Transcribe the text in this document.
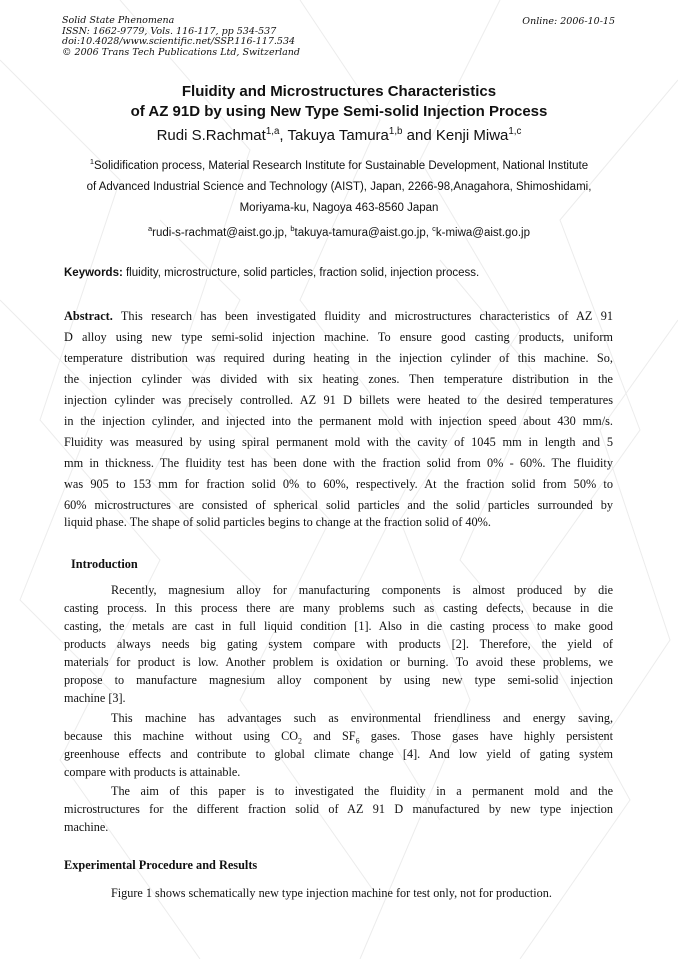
Solid State Phenomena
ISSN: 1662-9779, Vols. 116-117, pp 534-537
doi:10.4028/www.scientific.net/SSP.116-117.534
© 2006 Trans Tech Publications Ltd, Switzerland
Online: 2006-10-15
Fluidity and Microstructures Characteristics
of AZ 91D by using New Type Semi-solid Injection Process
Rudi S.Rachmat$^{1,a}$, Takuya Tamura$^{1,b}$ and Kenji Miwa$^{1,c}$
$^1$Solidification process, Material Research Institute for Sustainable Development, National Institute
of Advanced Industrial Science and Technology (AIST), Japan, 2266-98,Anagahora, Shimoshidami,
Moriyama-ku, Nagoya 463-8560 Japan
$^a$rudi-s-rachmat@aist.go.jp, $^b$takuya-tamura@aist.go.jp, $^c$k-miwa@aist.go.jp
Keywords: fluidity, microstructure, solid particles, fraction solid, injection process.
Abstract. This research has been investigated fluidity and microstructures characteristics of AZ 91
D alloy using new type semi-solid injection machine. To ensure good casting products, uniform
temperature distribution was required during heating in the injection cylinder of this machine. So,
the injection cylinder was divided with six heating zones. Then temperature distribution in the
injection cylinder was precisely controlled. AZ 91 D billets were heated to the desired temperatures
in the injection cylinder, and injected into the permanent mold with injection speed about 430 mm/s.
Fluidity was measured by using spiral permanent mold with the cavity of 1045 mm in length and 5
mm in thickness. The fluidity test has been done with the fraction solid from 0% - 60%. The fluidity
was 905 to 153 mm for fraction solid 0% to 60%, respectively. At the fraction solid from 50% to
60% microstructures are consisted of spherical solid particles and the solid particles surrounded by
liquid phase. The shape of solid particles begins to change at the fraction solid of 40%.
Introduction
Recently, magnesium alloy for manufacturing components is almost produced by die
casting process. In this process there are many problems such as casting defects, because in die
casting, the metals are cast in full liquid condition [1]. Also in die casting process to make good
products always needs big gating system compare with products [2]. Therefore, the yield of
materials for product is low. Another problem is oxidation or burning. To avoid these problems, we
propose to manufacture magnesium alloy component by using new type semi-solid injection
machine [3].
This machine has advantages such as environmental friendliness and energy saving,
because this machine without using $CO_2$ and $SF_6$ gases. Those gases have highly persistent
greenhouse effects and contribute to global climate change [4]. And low yield of gating system
compare with products is attainable.
The aim of this paper is to investigated the fluidity in a permanent mold and the
microstructures for the different fraction solid of AZ 91 D manufactured by new type injection
machine.
Experimental Procedure and Results
Figure 1 shows schematically new type injection machine for test only, not for production.
